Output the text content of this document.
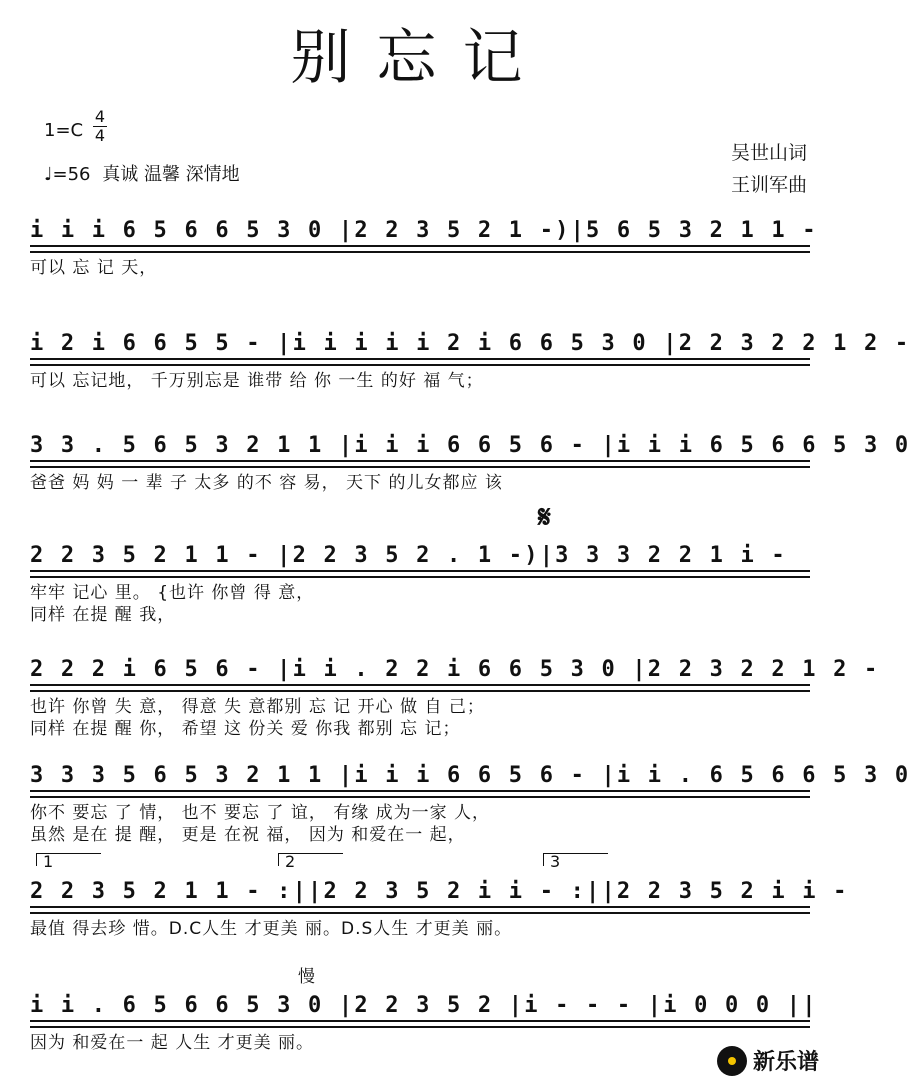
别忘记
1=C
4
4
♩=56 真诚 温馨 深情地
吴世山词
王训军曲
i i i 6 5 6 6 5 3 0 |2 2 3 5 2 1 -)|5 6 5 3 2 1 1 -
可以 忘 记 天，
i 2 i 6 6 5 5 - |i i i i i 2 i 6 6 5 3 0 |2 2 3 2 2 1 2 -
可以 忘记地， 千万别忘是 谁带 给 你 一生 的好 福 气；
3 3 . 5 6 5 3 2 1 1 |i i i 6 6 5 6 - |i i i 6 5 6 6 5 3 0
爸爸 妈 妈 一 辈 子 太多 的不 容 易， 天下 的儿女都应 该
𝄋
2 2 3 5 2 1 1 - |2 2 3 5 2 . 1 -)|3 3 3 2 2 1 i -
牢牢 记心 里。 {也许 你曾 得 意，
同样 在提 醒 我，
2 2 2 i 6 5 6 - |i i . 2 2 i 6 6 5 3 0 |2 2 3 2 2 1 2 -
也许 你曾 失 意， 得意 失 意都别 忘 记 开心 做 自 己；
同样 在提 醒 你， 希望 这 份关 爱 你我 都别 忘 记；
3 3 3 5 6 5 3 2 1 1 |i i i 6 6 5 6 - |i i . 6 5 6 6 5 3 0
你不 要忘 了 情， 也不 要忘 了 谊， 有缘 成为一家 人，
虽然 是在 提 醒， 更是 在祝 福， 因为 和爱在一 起，
1	2	3
2 2 3 5 2 1 1 - :||2 2 3 5 2 i i - :||2 2 3 5 2 i i -
最值 得去珍 惜。D.C人生 才更美 丽。D.S人生 才更美 丽。
慢
i i . 6 5 6 6 5 3 0 |2 2 3 5 2 |i - - - |i 0 0 0 ||
因为 和爱在一 起 人生 才更美 丽。
新乐谱
